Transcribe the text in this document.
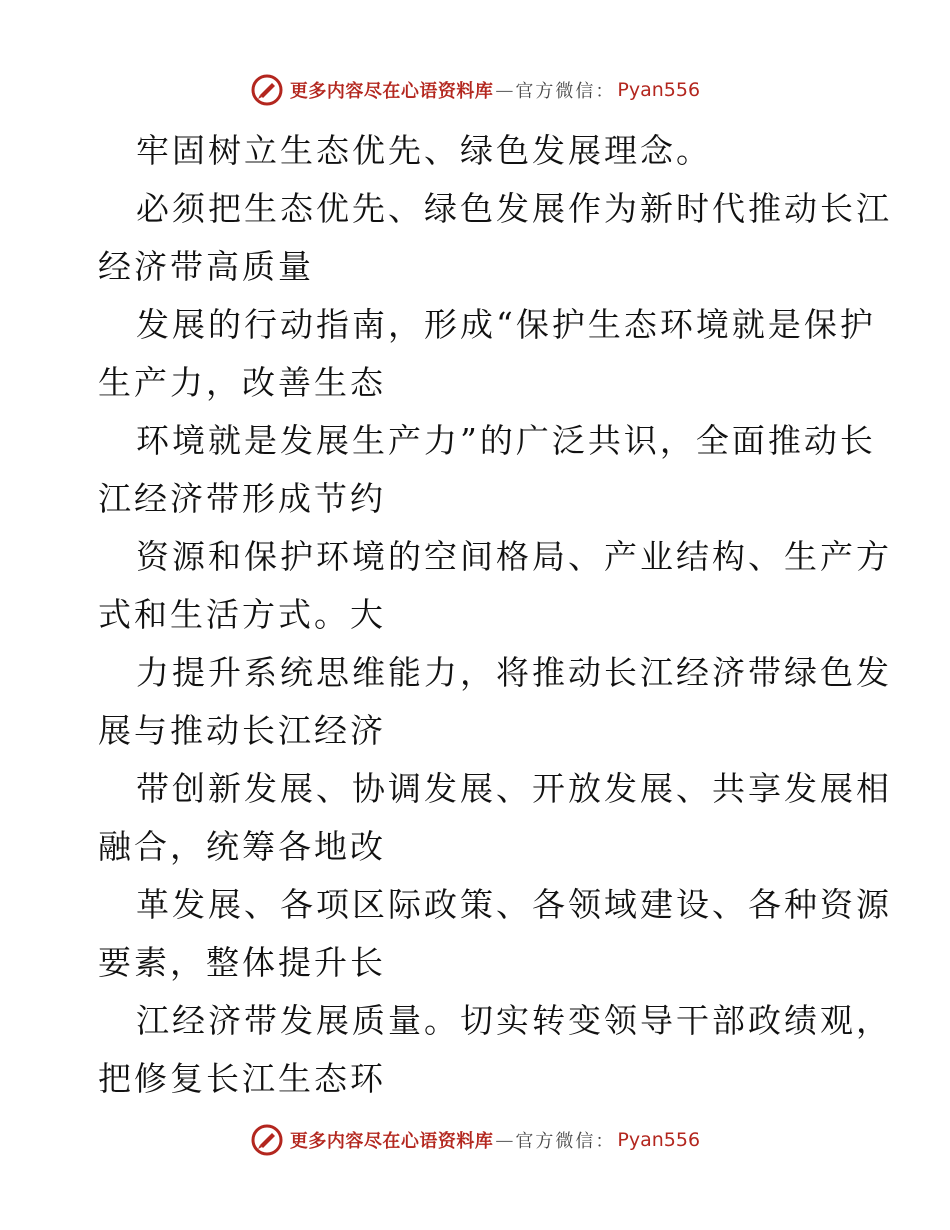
更多内容尽在心语资料库 — 官方微信： Pyan556
牢固树立生态优先、绿色发展理念。
必须把生态优先、绿色发展作为新时代推动长江
经济带高质量
发展的行动指南，形成“保护生态环境就是保护
生产力，改善生态
环境就是发展生产力”的广泛共识，全面推动长
江经济带形成节约
资源和保护环境的空间格局、产业结构、生产方
式和生活方式。大
力提升系统思维能力，将推动长江经济带绿色发
展与推动长江经济
带创新发展、协调发展、开放发展、共享发展相
融合，统筹各地改
革发展、各项区际政策、各领域建设、各种资源
要素，整体提升长
江经济带发展质量。切实转变领导干部政绩观，
把修复长江生态环
更多内容尽在心语资料库 — 官方微信： Pyan556
